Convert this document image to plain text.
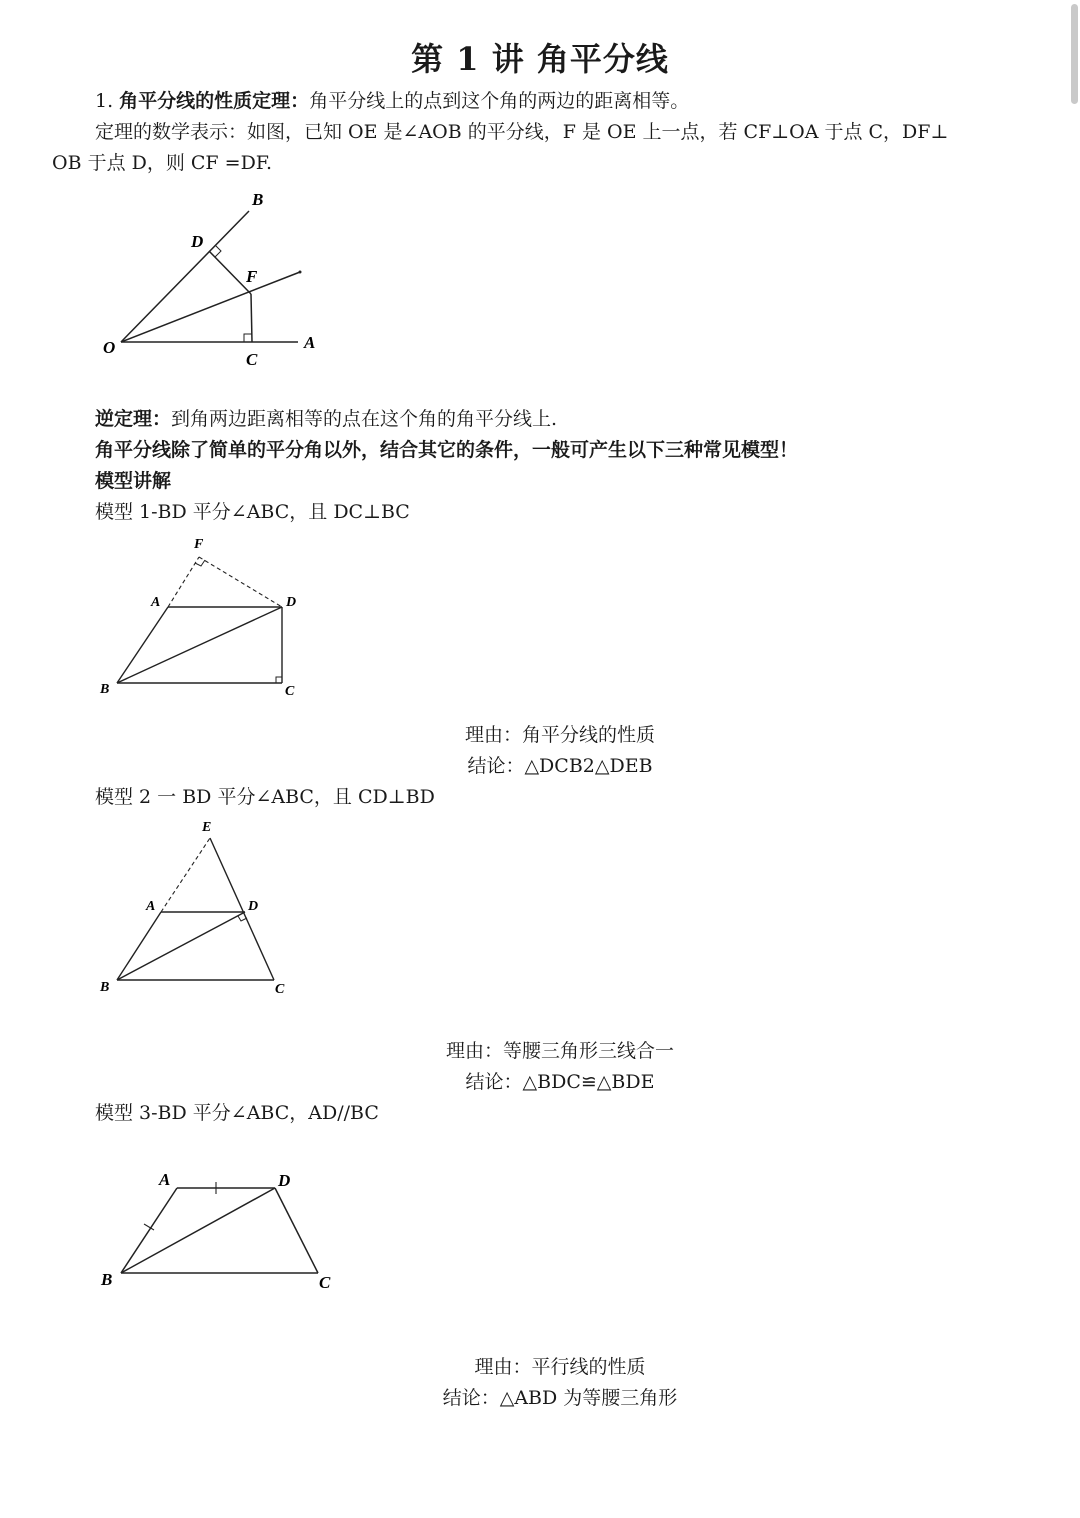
第 1 讲 角平分线
1. 角平分线的性质定理：角平分线上的点到这个角的两边的距离相等。
定理的数学表示：如图，已知 OE 是∠AOB 的平分线，F 是 OE 上一点，若 CF⊥OA 于点 C，DF⊥
OB 于点 D，则 CF =DF.
B
D
F
O
C
A
逆定理：到角两边距离相等的点在这个角的角平分线上.
角平分线除了简单的平分角以外，结合其它的条件，一般可产生以下三种常见模型！
模型讲解
模型 1-BD 平分∠ABC，且 DC⊥BC
F
A	D
B	C
理由：角平分线的性质
结论：△DCB2△DEB
模型 2 一 BD 平分∠ABC，且 CD⊥BD
E
A	D
B	C
理由：等腰三角形三线合一
结论：△BDC≌△BDE
模型 3-BD 平分∠ABC，AD//BC
A	D
B	C
理由：平行线的性质
结论：△ABD 为等腰三角形
